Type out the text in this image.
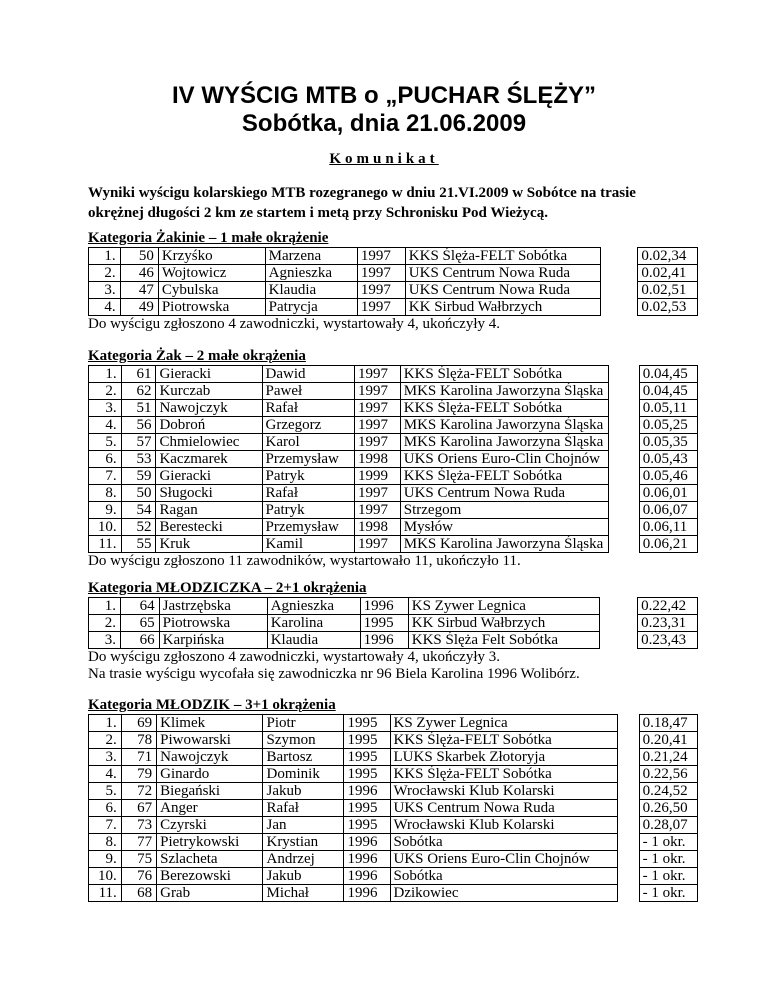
IV WYŚCIG MTB o „PUCHAR ŚLĘŻY”
Sobótka, dnia 21.06.2009
Komunikat
Wyniki wyścigu kolarskiego MTB rozegranego w dniu 21.VI.2009 w Sobótce na trasie okrężnej długości 2 km ze startem i metą przy Schronisku Pod Wieżycą.
Kategoria Żakinie – 1 małe okrążenie
1.	50	Krzyśko	Marzena	1997	KKS Ślęża-FELT Sobótka		0.02,34
2.	46	Wojtowicz	Agnieszka	1997	UKS Centrum Nowa Ruda		0.02,41
3.	47	Cybulska	Klaudia	1997	UKS Centrum Nowa Ruda		0.02,51
4.	49	Piotrowska	Patrycja	1997	KK Sirbud Wałbrzych		0.02,53
Do wyścigu zgłoszono 4 zawodniczki, wystartowały 4, ukończyły 4.
Kategoria Żak – 2 małe okrążenia
1.	61	Gieracki	Dawid	1997	KKS Ślęża-FELT Sobótka		0.04,45
2.	62	Kurczab	Paweł	1997	MKS Karolina Jaworzyna Śląska		0.04,45
3.	51	Nawojczyk	Rafał	1997	KKS Ślęża-FELT Sobótka		0.05,11
4.	56	Dobroń	Grzegorz	1997	MKS Karolina Jaworzyna Śląska		0.05,25
5.	57	Chmielowiec	Karol	1997	MKS Karolina Jaworzyna Śląska		0.05,35
6.	53	Kaczmarek	Przemysław	1998	UKS Oriens Euro-Clin Chojnów		0.05,43
7.	59	Gieracki	Patryk	1999	KKS Ślęża-FELT Sobótka		0.05,46
8.	50	Sługocki	Rafał	1997	UKS Centrum Nowa Ruda		0.06,01
9.	54	Ragan	Patryk	1997	Strzegom		0.06,07
10.	52	Berestecki	Przemysław	1998	Mysłów		0.06,11
11.	55	Kruk	Kamil	1997	MKS Karolina Jaworzyna Śląska		0.06,21
Do wyścigu zgłoszono 11 zawodników, wystartowało 11, ukończyło 11.
Kategoria MŁODZICZKA – 2+1 okrążenia
1.	64	Jastrzębska	Agnieszka	1996	KS Zywer Legnica		0.22,42
2.	65	Piotrowska	Karolina	1995	KK Sirbud Wałbrzych		0.23,31
3.	66	Karpińska	Klaudia	1996	KKS Ślęża Felt Sobótka		0.23,43
Do wyścigu zgłoszono 4 zawodniczki, wystartowały 4, ukończyły 3.
Na trasie wyścigu wycofała się zawodniczka nr 96 Biela Karolina 1996 Wolibórz.
Kategoria MŁODZIK – 3+1 okrążenia
1.	69	Klimek	Piotr	1995	KS Zywer Legnica		0.18,47
2.	78	Piwowarski	Szymon	1995	KKS Ślęża-FELT Sobótka		0.20,41
3.	71	Nawojczyk	Bartosz	1995	LUKS Skarbek Złotoryja		0.21,24
4.	79	Ginardo	Dominik	1995	KKS Ślęża-FELT Sobótka		0.22,56
5.	72	Biegański	Jakub	1996	Wrocławski Klub Kolarski		0.24,52
6.	67	Anger	Rafał	1995	UKS Centrum Nowa Ruda		0.26,50
7.	73	Czyrski	Jan	1995	Wrocławski Klub Kolarski		0.28,07
8.	77	Pietrykowski	Krystian	1996	Sobótka		- 1 okr.
9.	75	Szlacheta	Andrzej	1996	UKS Oriens Euro-Clin Chojnów		- 1 okr.
10.	76	Berezowski	Jakub	1996	Sobótka		- 1 okr.
11.	68	Grab	Michał	1996	Dzikowiec		- 1 okr.
